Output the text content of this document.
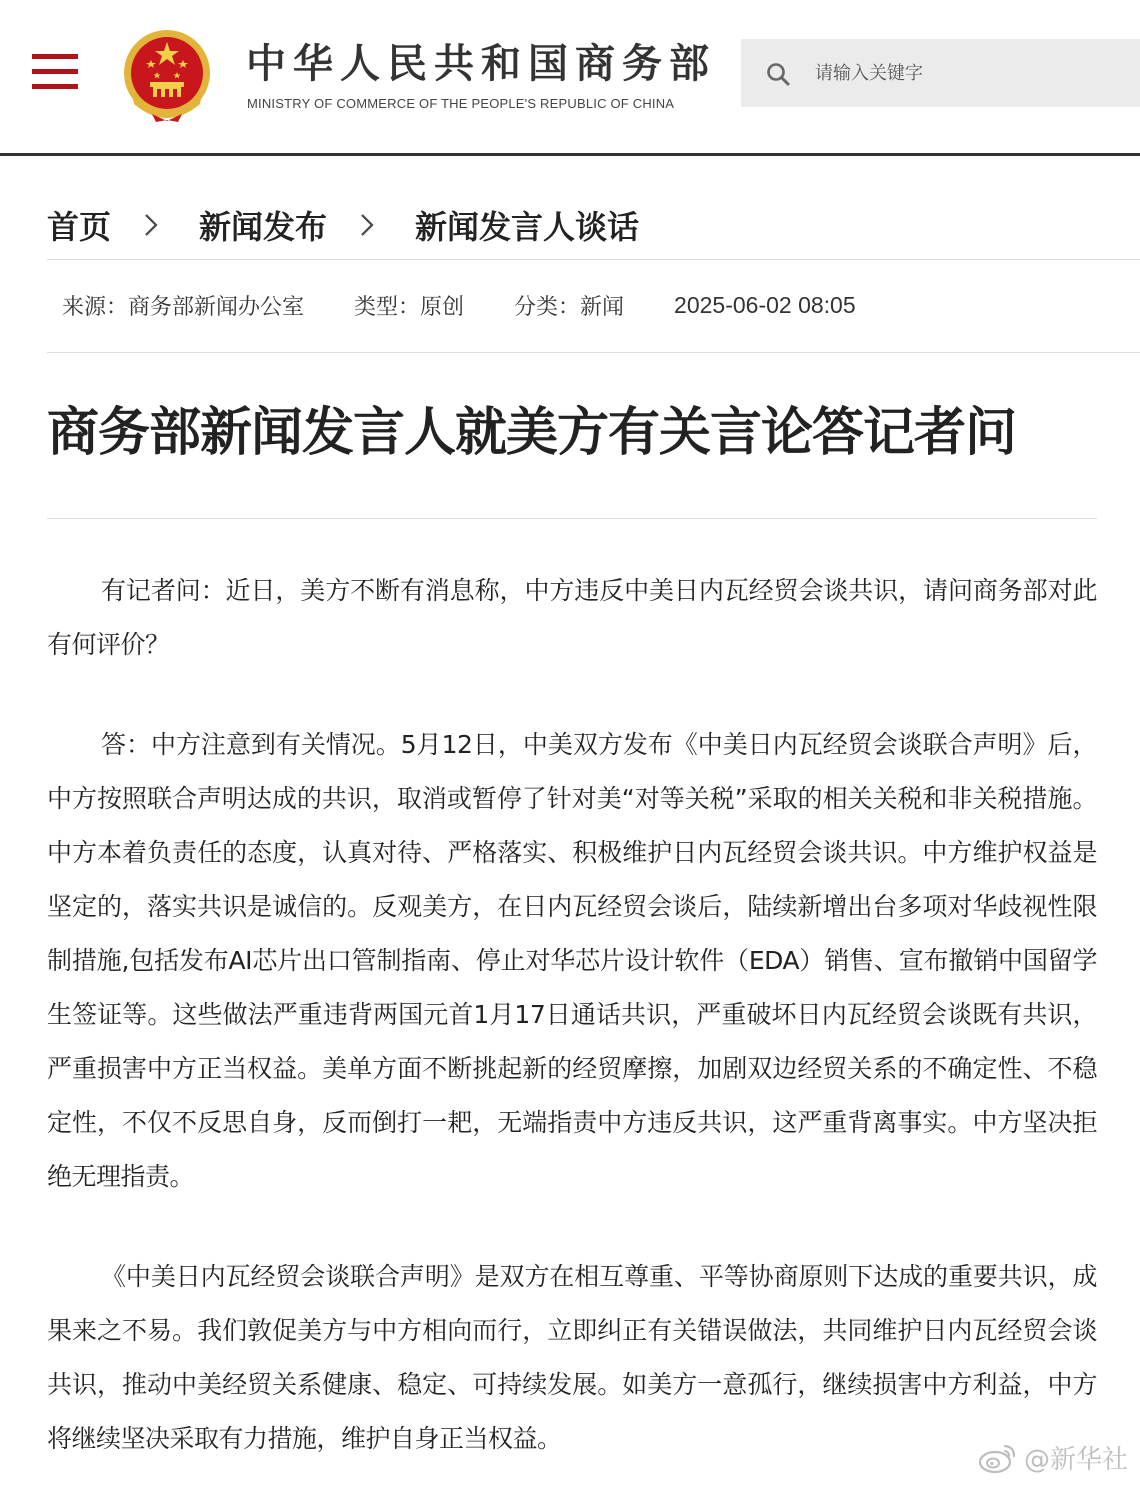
中华人民共和国商务部
MINISTRY OF COMMERCE OF THE PEOPLE'S REPUBLIC OF CHINA
请输入关键字
首页	新闻发布	新闻发言人谈话
来源：商务部新闻办公室 类型：原创 分类：新闻 2025-06-02 08:05
商务部新闻发言人就美方有关言论答记者问

有记者问：近日，美方不断有消息称，中方违反中美日内瓦经贸会谈共识，请问商务部对此有何评价？

答：中方注意到有关情况。5月12日，中美双方发布《中美日内瓦经贸会谈联合声明》后，中方按照联合声明达成的共识，取消或暂停了针对美“对等关税”采取的相关关税和非关税措施。中方本着负责任的态度，认真对待、严格落实、积极维护日内瓦经贸会谈共识。中方维护权益是坚定的，落实共识是诚信的。反观美方，在日内瓦经贸会谈后，陆续新增出台多项对华歧视性限制措施,包括发布AI芯片出口管制指南、停止对华芯片设计软件（EDA）销售、宣布撤销中国留学生签证等。这些做法严重违背两国元首1月17日通话共识，严重破坏日内瓦经贸会谈既有共识，严重损害中方正当权益。美单方面不断挑起新的经贸摩擦，加剧双边经贸关系的不确定性、不稳定性，不仅不反思自身，反而倒打一耙，无端指责中方违反共识，这严重背离事实。中方坚决拒绝无理指责。

《中美日内瓦经贸会谈联合声明》是双方在相互尊重、平等协商原则下达成的重要共识，成果来之不易。我们敦促美方与中方相向而行，立即纠正有关错误做法，共同维护日内瓦经贸会谈共识，推动中美经贸关系健康、稳定、可持续发展。如美方一意孤行，继续损害中方利益，中方将继续坚决采取有力措施，维护自身正当权益。

@新华社
